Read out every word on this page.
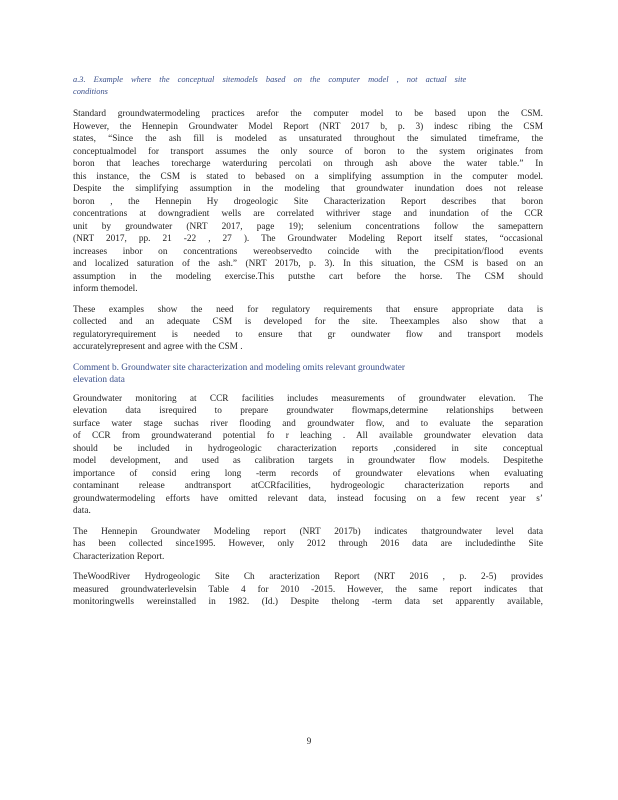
a.3. Example where the conceptual sitemodels based on the computer model , not actual site
conditions
Standard groundwatermodeling practices arefor the computer model to be based upon the CSM.
However, the Hennepin Groundwater Model Report (NRT 2017 b, p. 3) indesc ribing the CSM
states, “Since the ash fill is modeled as unsaturated throughout the simulated timeframe, the
conceptualmodel for transport assumes the only source of boron to the system originates from
boron that leaches torecharge waterduring percolati on through ash above the water table.” In
this instance, the CSM is stated to bebased on a simplifying assumption in the computer model.
Despite the simplifying assumption in the modeling that groundwater inundation does not release
boron , the Hennepin Hy drogeologic Site Characterization Report describes that boron
concentrations at downgradient wells are correlated withriver stage and inundation of the CCR
unit by groundwater (NRT 2017, page 19); selenium concentrations follow the samepattern
(NRT 2017, pp. 21 -22 , 27 ). The Groundwater Modeling Report itself states, “occasional
increases inbor on concentrations wereobservedto coincide with the precipitation/flood events
and localized saturation of the ash.” (NRT 2017b, p. 3). In this situation, the CSM is based on an
assumption in the modeling exercise.This putsthe cart before the horse. The CSM should
inform themodel.
These examples show the need for regulatory requirements that ensure appropriate data is
collected and an adequate CSM is developed for the site. Theexamples also show that a
regulatoryrequirement is needed to ensure that gr oundwater flow and transport models
accuratelyrepresent and agree with the CSM .
Comment b. Groundwater site characterization and modeling omits relevant groundwater
elevation data
Groundwater monitoring at CCR facilities includes measurements of groundwater elevation. The
elevation data isrequired to prepare groundwater flowmaps,determine relationships between
surface water stage suchas river flooding and groundwater flow, and to evaluate the separation
of CCR from groundwaterand potential fo r leaching . All available groundwater elevation data
should be included in hydrogeologic characterization reports ,considered in site conceptual
model development, and used as calibration targets in groundwater flow models. Despitethe
importance of consid ering long -term records of groundwater elevations when evaluating
contaminant release andtransport atCCRfacilities, hydrogeologic characterization reports and
groundwatermodeling efforts have omitted relevant data, instead focusing on a few recent year s’
data.
The Hennepin Groundwater Modeling report (NRT 2017b) indicates thatgroundwater level data
has been collected since1995. However, only 2012 through 2016 data are includedinthe Site
Characterization Report.
TheWoodRiver Hydrogeologic Site Ch aracterization Report (NRT 2016 , p. 2-5) provides
measured groundwaterlevelsin Table 4 for 2010 -2015. However, the same report indicates that
monitoringwells wereinstalled in 1982. (Id.) Despite thelong -term data set apparently available,
9
